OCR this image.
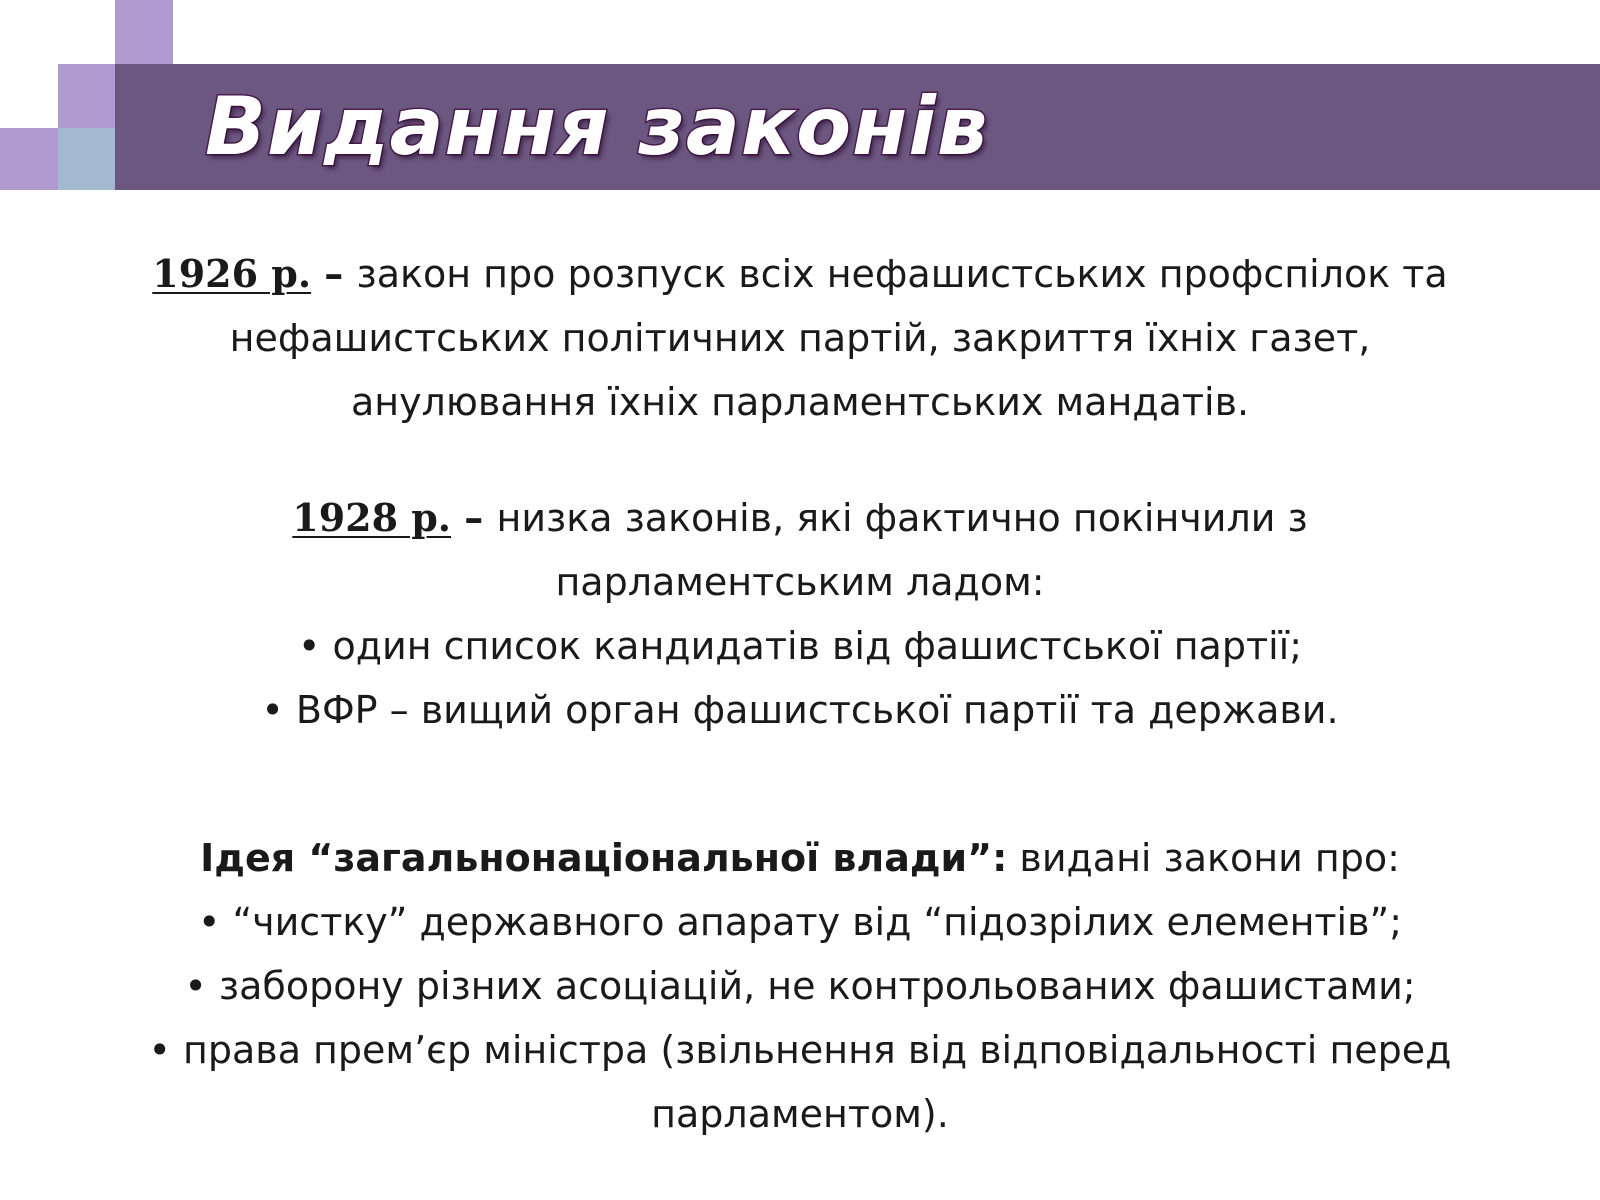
Видання законів
1926 р. – закон про розпуск всіх нефашистських профспілок та
нефашистських політичних партій, закриття їхніх газет,
анулювання їхніх парламентських мандатів.
1928 р. – низка законів, які фактично покінчили з
парламентським ладом:
• один список кандидатів від фашистської партії;
• ВФР – вищий орган фашистської партії та держави.
Ідея “загальнонаціональної влади”: видані закони про:
• “чистку” державного апарату від “підозрілих елементів”;
• заборону різних асоціацій, не контрольованих фашистами;
• права прем’єр міністра (звільнення від відповідальності перед
парламентом).
